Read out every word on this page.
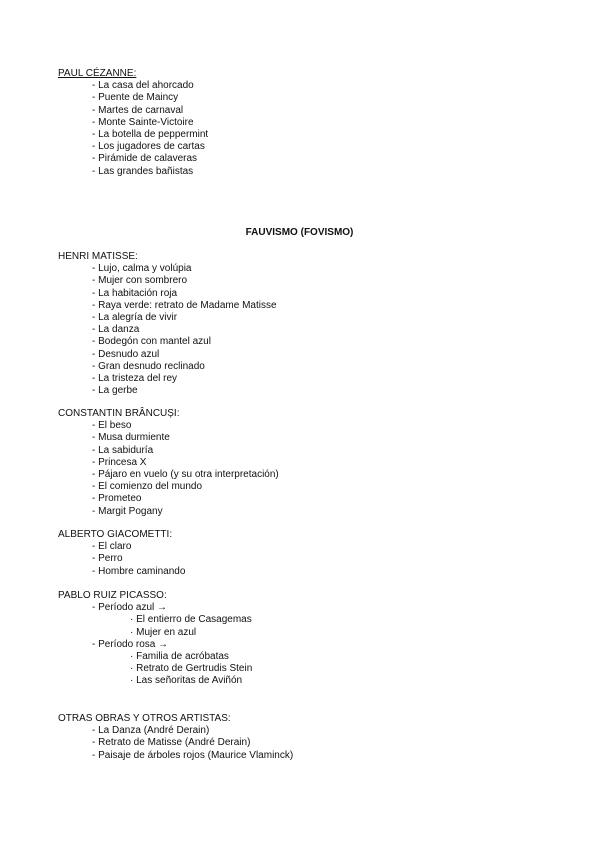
PAUL CÉZANNE:
- La casa del ahorcado
- Puente de Maincy
- Martes de carnaval
- Monte Sainte-Victoire
- La botella de peppermint
- Los jugadores de cartas
- Pirámide de calaveras
- Las grandes bañistas
FAUVISMO (FOVISMO)
HENRI MATISSE:
- Lujo, calma y volúpia
- Mujer con sombrero
- La habitación roja
- Raya verde: retrato de Madame Matisse
- La alegría de vivir
- La danza
- Bodegón con mantel azul
- Desnudo azul
- Gran desnudo reclinado
- La tristeza del rey
- La gerbe
CONSTANTIN BRÂNCUȘI:
- El beso
- Musa durmiente
- La sabiduría
- Princesa X
- Pájaro en vuelo (y su otra interpretación)
- El comienzo del mundo
- Prometeo
- Margit Pogany
ALBERTO GIACOMETTI:
- El claro
- Perro
- Hombre caminando
PABLO RUIZ PICASSO:
- Período azul →
· El entierro de Casagemas
· Mujer en azul
- Período rosa →
· Familia de acróbatas
· Retrato de Gertrudis Stein
· Las señoritas de Aviñón
OTRAS OBRAS Y OTROS ARTISTAS:
- La Danza (André Derain)
- Retrato de Matisse (André Derain)
- Paisaje de árboles rojos (Maurice Vlaminck)
